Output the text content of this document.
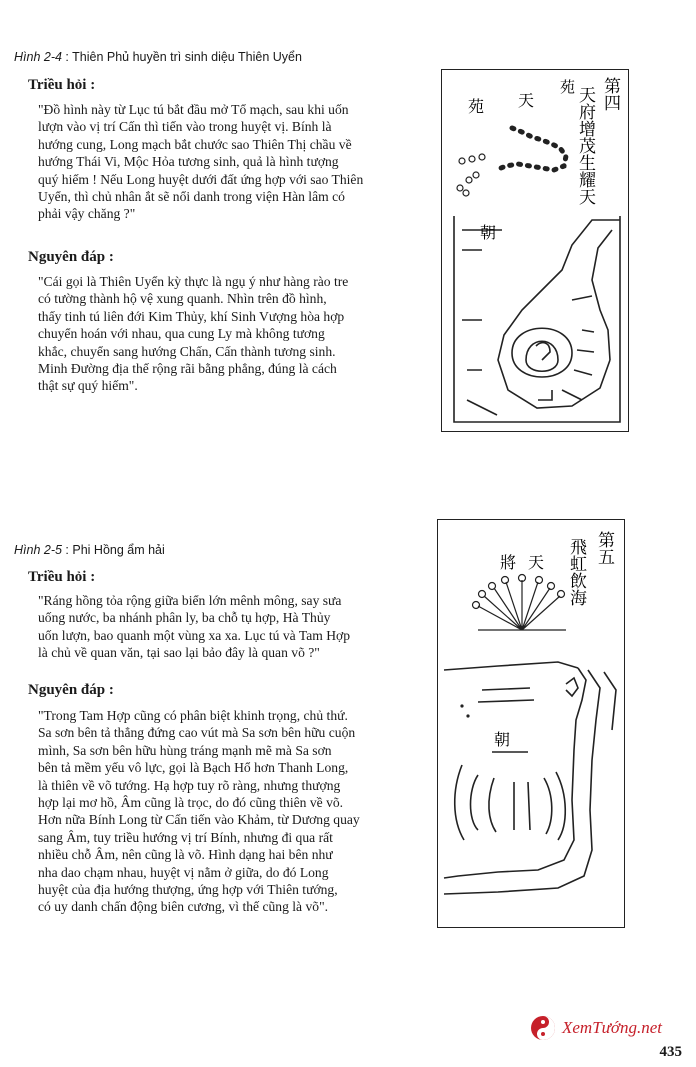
Hình 2-4 : Thiên Phủ huyền trì sinh diệu Thiên Uyển
Triều hỏi :

"Đồ hình này từ Lục tú bắt đầu mở Tổ mạch, sau khi uốn

lượn vào vị trí Cấn thì tiến vào trong huyệt vị. Bính là

hướng cung, Long mạch bắt chước sao Thiên Thị chầu về

hướng Thái Vi, Mộc Hỏa tương sinh, quả là hình tượng

quý hiếm ! Nếu Long huyệt dưới đất ứng hợp với sao Thiên

Uyển, thì chủ nhân ắt sẽ nổi danh trong viện Hàn lâm có

phải vậy chăng ?"

Nguyên đáp :

"Cái gọi là Thiên Uyển kỳ thực là ngụ ý như hàng rào tre

có tường thành hộ vệ xung quanh. Nhìn trên đồ hình,

thấy tinh tú liên đới Kim Thủy, khí Sinh Vượng hòa hợp

chuyển hoán với nhau, qua cung Ly mà không tương

khắc, chuyển sang hướng Chấn, Cấn thành tương sinh.

Minh Đường địa thế rộng rãi bằng phẳng, đúng là cách

thật sự quý hiếm".

第四
天府增茂生耀天
苑
天
苑
朝
Hình 2-5 : Phi Hồng ẩm hải
Triều hỏi :

"Ráng hồng tỏa rộng giữa biển lớn mênh mông, say sưa

uống nước, ba nhánh phân ly, ba chỗ tụ hợp, Hà Thủy

uốn lượn, bao quanh một vùng xa xa. Lục tú và Tam Hợp

là chủ về quan văn, tại sao lại bảo đây là quan võ ?"

Nguyên đáp :

"Trong Tam Hợp cũng có phân biệt khinh trọng, chủ thứ.

Sa sơn bên tả thẳng đứng cao vút mà Sa sơn bên hữu cuộn

mình, Sa sơn bên hữu hùng tráng mạnh mẽ mà Sa sơn

bên tả mềm yếu vô lực, gọi là Bạch Hổ hơn Thanh Long,

là thiên về võ tướng. Hạ hợp tuy rõ ràng, nhưng thượng

hợp lại mơ hồ, Âm cũng là trọc, do đó cũng thiên về võ.

Hơn nữa Bính Long từ Cấn tiến vào Khảm, từ Dương quay

sang Âm, tuy triều hướng vị trí Bính, nhưng đi qua rất

nhiều chỗ Âm, nên cũng là võ. Hình dạng hai bên như

nha dao chạm nhau, huyệt vị nằm ở giữa, do đó Long

huyệt của địa hướng thượng, ứng hợp với Thiên tướng,

có uy danh chấn động biên cương, vì thế cũng là võ".

第五
飛虹飲海
天
將
朝
XemTướng.net
435
